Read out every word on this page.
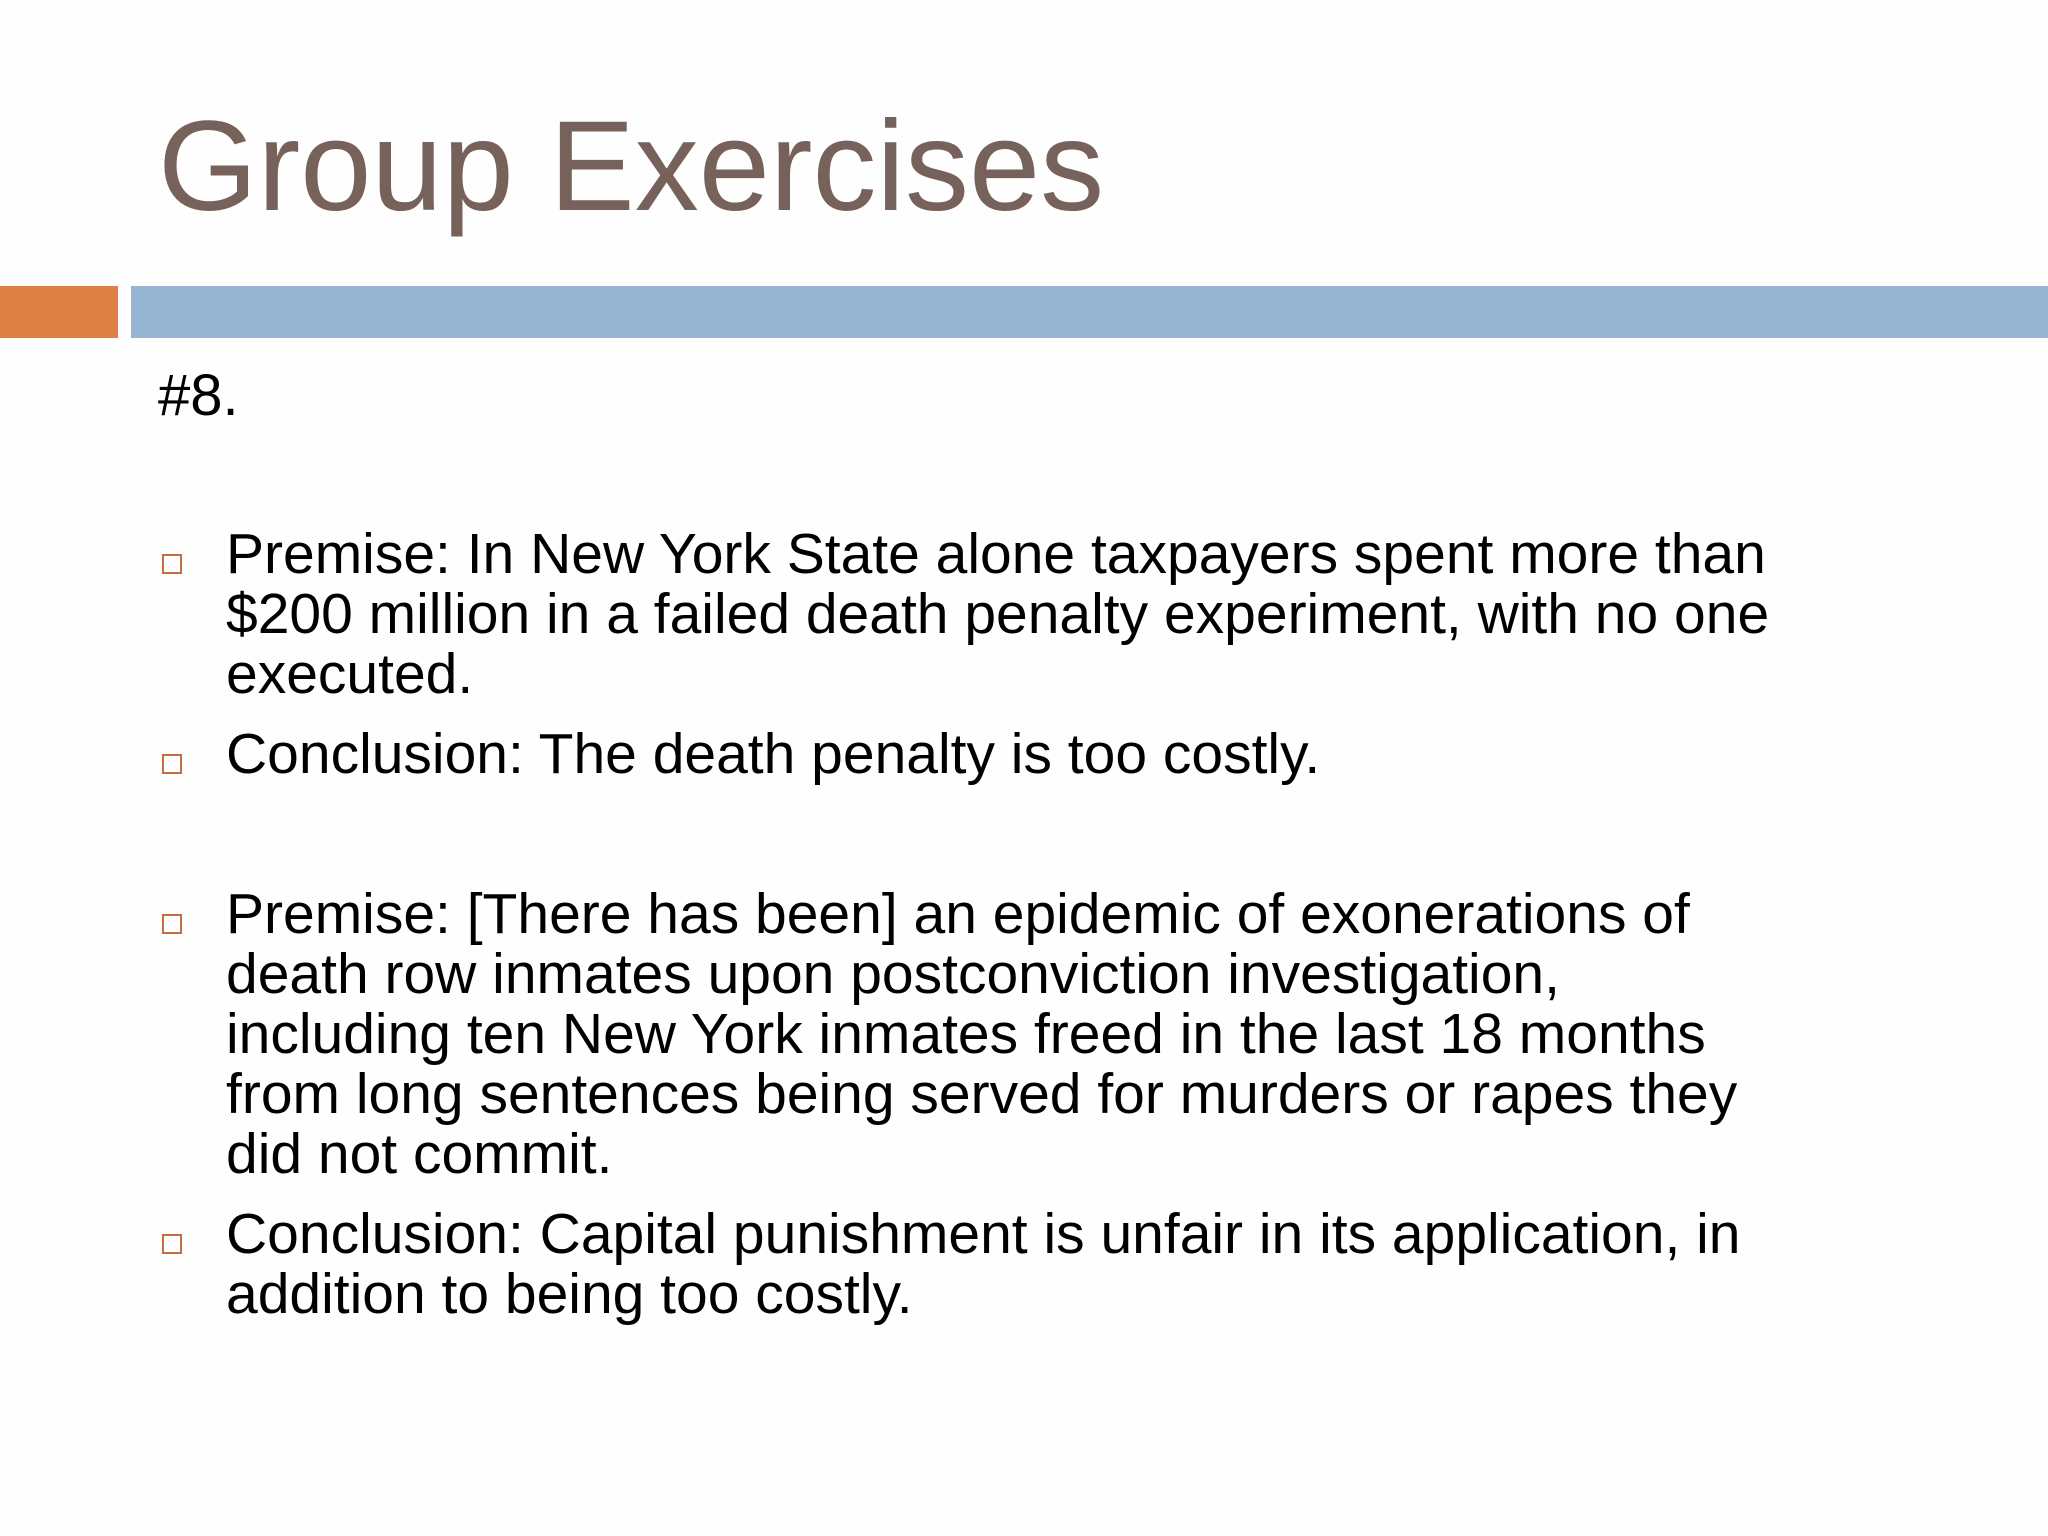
Group Exercises

#8.

Premise: In New York State alone taxpayers spent more than
$200 million in a failed death penalty experiment, with no one
executed.
Conclusion: The death penalty is too costly.
Premise: [There has been] an epidemic of exonerations of
death row inmates upon postconviction investigation,
including ten New York inmates freed in the last 18 months
from long sentences being served for murders or rapes they
did not commit.
Conclusion: Capital punishment is unfair in its application, in
addition to being too costly.
